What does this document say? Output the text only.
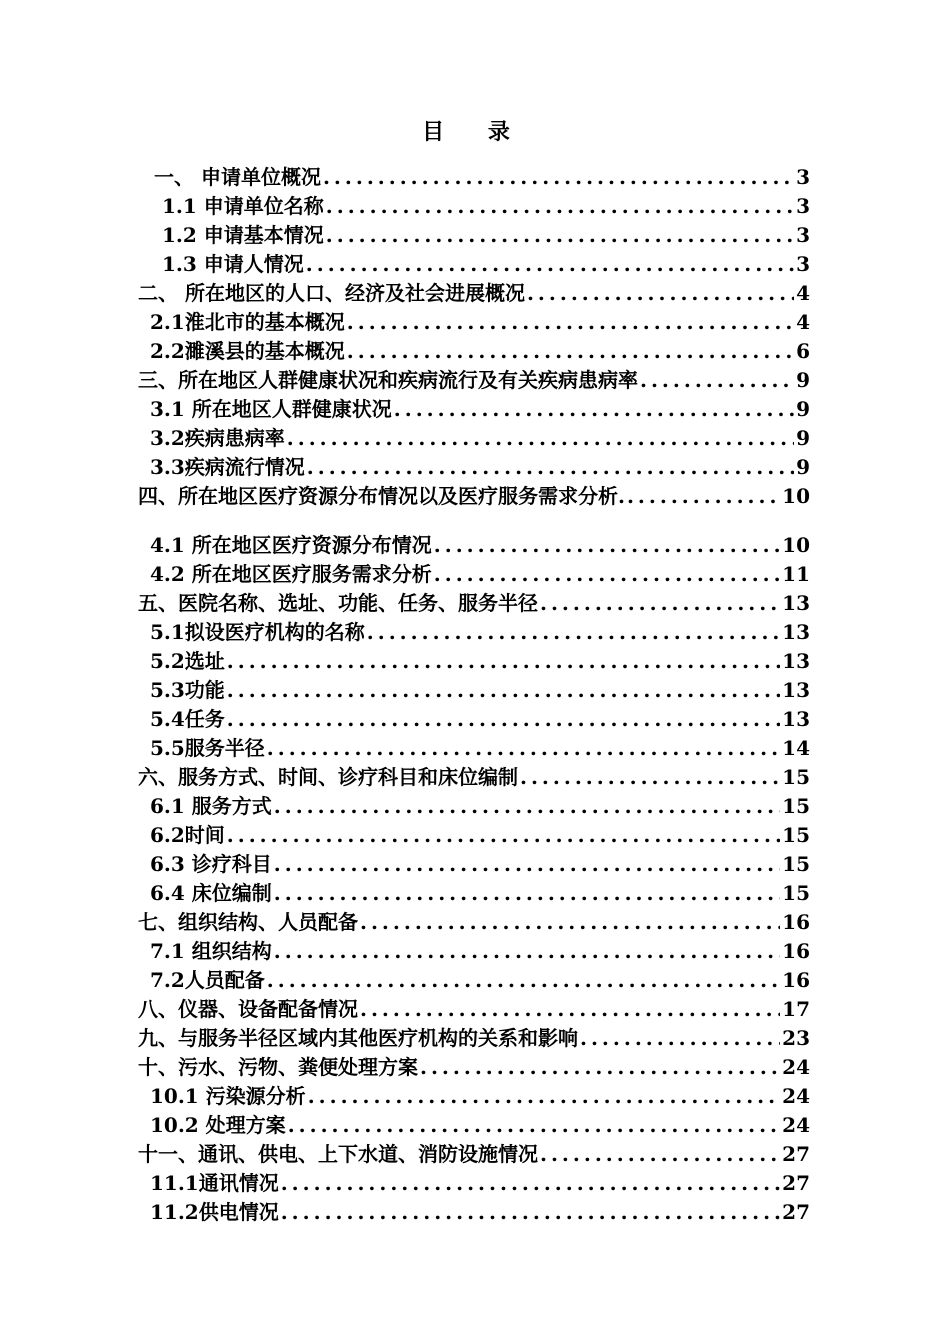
目 录
一、 申请单位概况 .....	3
1.1 申请单位名称 .....	3
1.2 申请基本情况 .....	3
1.3 申请人情况 .....	3
二、 所在地区的人口、经济及社会进展概况 .....	4
2.1淮北市的基本概况 .....	4
2.2濉溪县的基本概况 .....	6
三、所在地区人群健康状况和疾病流行及有关疾病患病率 .....	9
3.1 所在地区人群健康状况 .....	9
3.2疾病患病率 .....	9
3.3疾病流行情况 .....	9
四、所在地区医疗资源分布情况以及医疗服务需求分析. .....	10
4.1 所在地区医疗资源分布情况 .....	10
4.2 所在地区医疗服务需求分析 .....	11
五、医院名称、选址、功能、任务、服务半径 .....	13
5.1拟设医疗机构的名称 .....	13
5.2选址 .....	13
5.3功能 .....	13
5.4任务 .....	13
5.5服务半径 .....	14
六、服务方式、时间、诊疗科目和床位编制 .....	15
6.1 服务方式 .....	15
6.2时间 .....	15
6.3 诊疗科目 .....	15
6.4 床位编制 .....	15
七、组织结构、人员配备 .....	16
7.1 组织结构 .....	16
7.2人员配备 .....	16
八、仪器、设备配备情况 .....	17
九、与服务半径区域内其他医疗机构的关系和影响 .....	23
十、污水、污物、粪便处理方案 .....	24
10.1 污染源分析 .....	24
10.2 处理方案 .....	24
十一、通讯、供电、上下水道、消防设施情况 .....	27
11.1通讯情况 .....	27
11.2供电情况 .....	27
